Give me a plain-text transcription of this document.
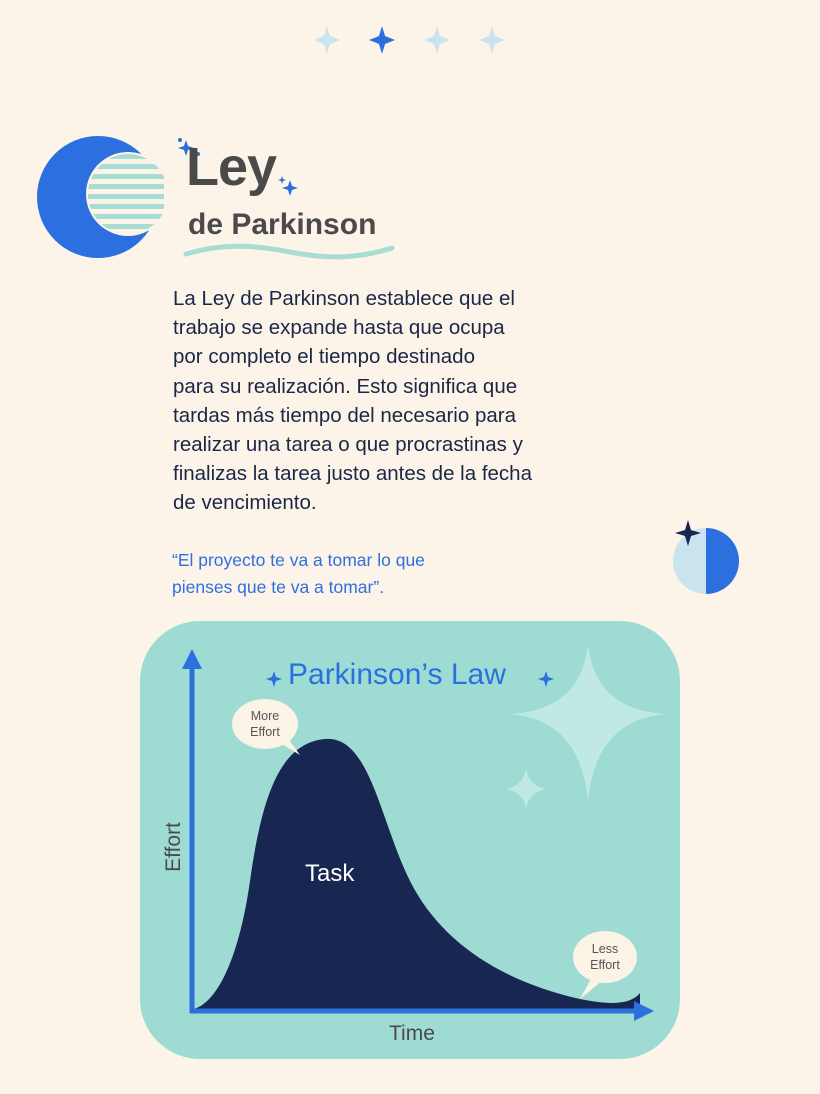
Ley
de Parkinson
La Ley de Parkinson establece que el
trabajo se expande hasta que ocupa
por completo el tiempo destinado
para su realización. Esto significa que
tardas más tiempo del necesario para
realizar una tarea o que procrastinas y
finalizas la tarea justo antes de la fecha
de vencimiento.
“El proyecto te va a tomar lo que
pienses que te va a tomar”.
Parkinson’s Law
More
Effort
Less
Effort
Task
Time
Effort
